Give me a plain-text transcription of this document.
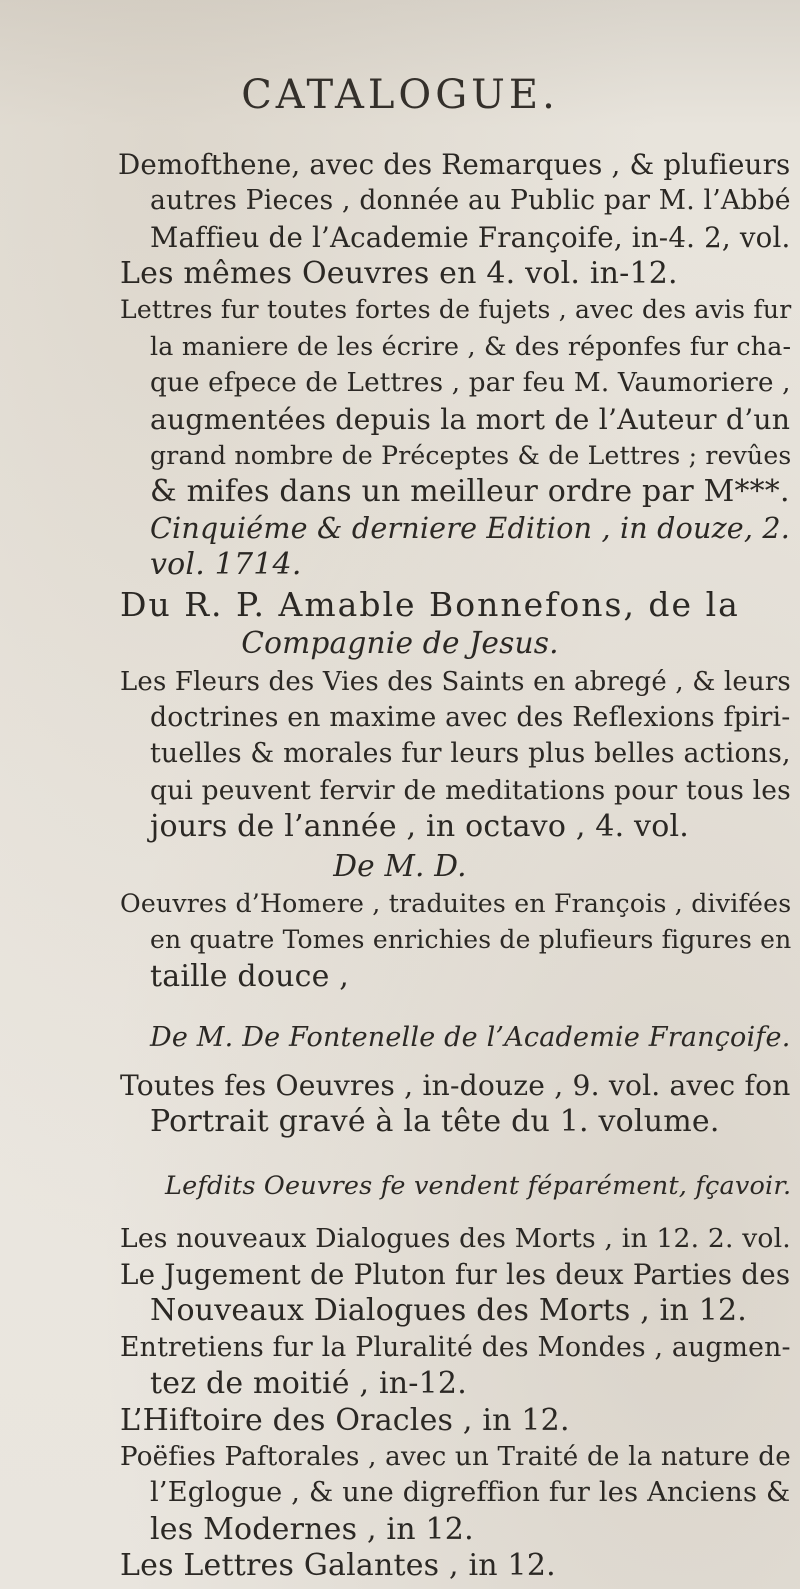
CATALOGUE.
Demofthene, avec des Remarques , & plufieurs
autres Pieces , donnée au Public par M. l’Abbé
Maffieu de l’Academie Françoife, in-4. 2, vol.
Les mêmes Oeuvres en 4. vol. in-12.
Lettres fur toutes fortes de fujets , avec des avis fur
la maniere de les écrire , & des réponfes fur cha-
que efpece de Lettres , par feu M. Vaumoriere ,
augmentées depuis la mort de l’Auteur d’un
grand nombre de Préceptes & de Lettres ; revûes
& mifes dans un meilleur ordre par M***.
Cinquiéme & derniere Edition , in douze, 2.
vol. 1714.
Du R. P. Amable Bonnefons, de la
Compagnie de Jesus.
Les Fleurs des Vies des Saints en abregé , & leurs
doctrines en maxime avec des Reflexions fpiri-
tuelles & morales fur leurs plus belles actions,
qui peuvent fervir de meditations pour tous les
jours de l’année , in octavo , 4. vol.
De M. D.
Oeuvres d’Homere , traduites en François , divifées
en quatre Tomes enrichies de plufieurs figures en
taille douce ,
De M. De Fontenelle de l’Academie Françoife.
Toutes fes Oeuvres , in-douze , 9. vol. avec fon
Portrait gravé à la tête du 1. volume.
Lefdits Oeuvres fe vendent féparément, fçavoir.
Les nouveaux Dialogues des Morts , in 12. 2. vol.
Le Jugement de Pluton fur les deux Parties des
Nouveaux Dialogues des Morts , in 12.
Entretiens fur la Pluralité des Mondes , augmen-
tez de moitié , in-12.
L’Hiftoire des Oracles , in 12.
Poëfies Paftorales , avec un Traité de la nature de
l’Eglogue , & une digreffion fur les Anciens &
les Modernes , in 12.
Les Lettres Galantes , in 12.
